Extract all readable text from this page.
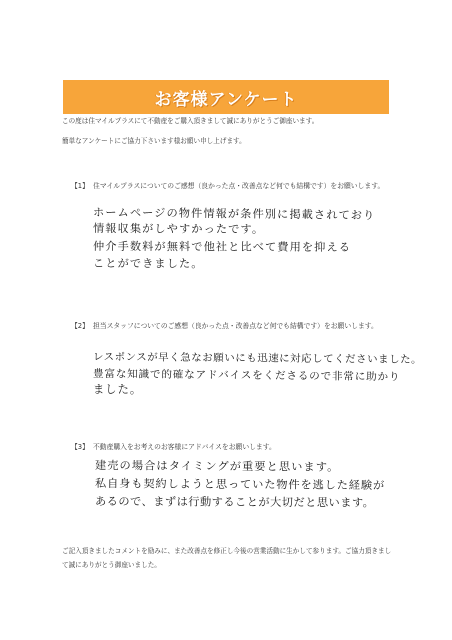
お客様アンケート
この度は住マイルプラスにて不動産をご購入頂きまして誠にありがとうご御座います。
簡単なアンケートにご協力下さいます様お願い申し上げます。
【1】 住マイルプラスについてのご感想（良かった点・改善点など何でも結構です）をお願いします。
ホームページの物件情報が条件別に掲載されており
情報収集がしやすかったです。
仲介手数料が無料で他社と比べて費用を抑える
ことができました。
【2】 担当スタッフについてのご感想（良かった点・改善点など何でも結構です）をお願いします。
レスポンスが早く急なお願いにも迅速に対応してくださいました。
豊富な知識で的確なアドバイスをくださるので非常に助かり
ました。
【3】 不動産購入をお考えのお客様にアドバイスをお願いします。
建売の場合はタイミングが重要と思います。
私自身も契約しようと思っていた物件を逃した経験が
あるので、まずは行動することが大切だと思います。
ご記入頂きましたコメントを励みに、また改善点を修正し今後の営業活動に生かして参ります。ご協力頂きまして誠にありがとう御座いました。
